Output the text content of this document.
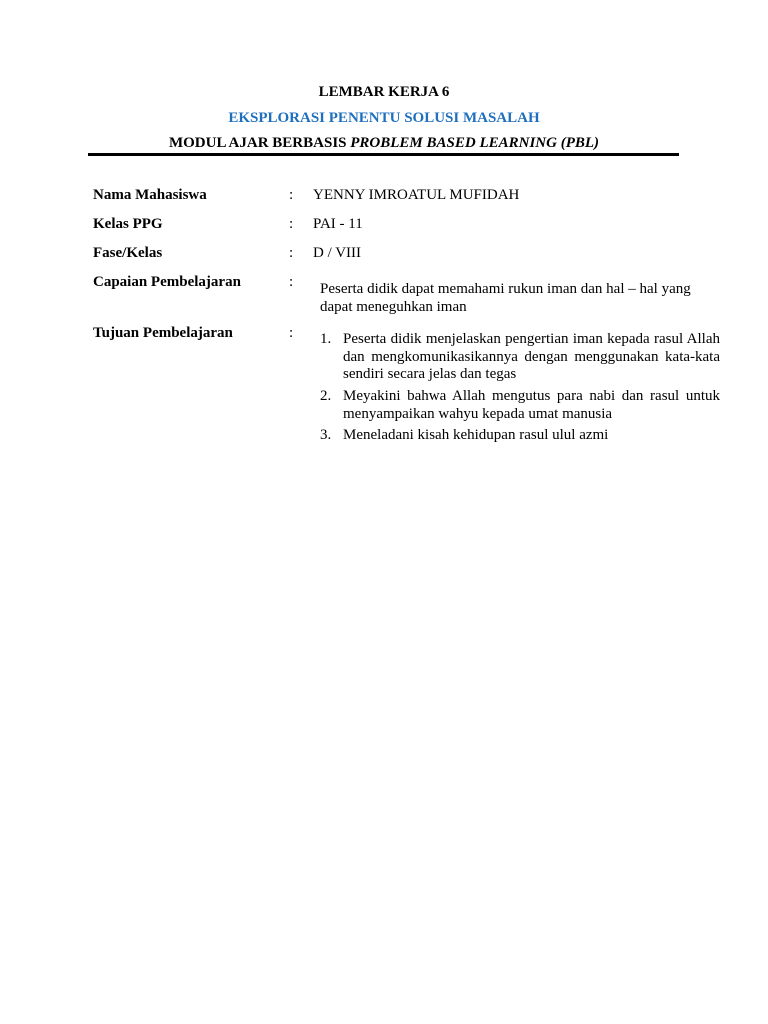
LEMBAR KERJA 6
EKSPLORASI PENENTU SOLUSI MASALAH
MODUL AJAR BERBASIS PROBLEM BASED LEARNING (PBL)
Nama Mahasiswa	: YENNY IMROATUL MUFIDAH
Kelas PPG	: PAI - 11
Fase/Kelas	: D / VIII
Capaian Pembelajaran	: Peserta didik dapat memahami rukun iman dan hal – hal yang dapat meneguhkan iman
Tujuan Pembelajaran	: 1. Peserta didik menjelaskan pengertian iman kepada rasul Allah dan mengkomunikasikannya dengan menggunakan kata-kata sendiri secara jelas dan tegas
2. Meyakini bahwa Allah mengutus para nabi dan rasul untuk menyampaikan wahyu kepada umat manusia
3. Meneladani kisah kehidupan rasul ulul azmi
